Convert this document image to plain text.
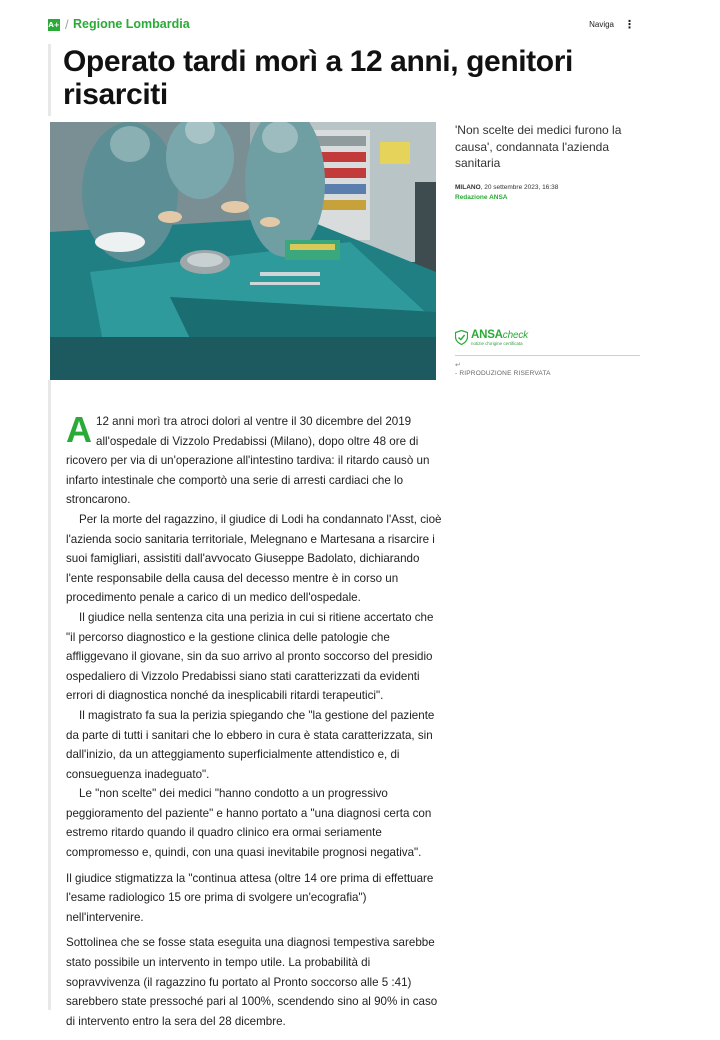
A+ / Regione Lombardia	Naviga ⋮
Operato tardi morì a 12 anni, genitori risarciti

'Non scelte dei medici furono la causa', condannata l'azienda sanitaria

MILANO, 20 settembre 2023, 16:38

Redazione ANSA

ANSAcheck
notizie d'origine certificata
↵
- RIPRODUZIONE RISERVATA

A 12 anni morì tra atroci dolori al ventre il 30 dicembre del 2019 all'ospedale di Vizzolo Predabissi (Milano), dopo oltre 48 ore di ricovero per via di un'operazione all'intestino tardiva: il ritardo causò un infarto intestinale che comportò una serie di arresti cardiaci che lo stroncarono.

Per la morte del ragazzino, il giudice di Lodi ha condannato l'Asst, cioè l'azienda socio sanitaria territoriale, Melegnano e Martesana a risarcire i suoi famigliari, assistiti dall'avvocato Giuseppe Badolato, dichiarando l'ente responsabile della causa del decesso mentre è in corso un procedimento penale a carico di un medico dell'ospedale.

Il giudice nella sentenza cita una perizia in cui si ritiene accertato che "il percorso diagnostico e la gestione clinica delle patologie che affliggevano il giovane, sin da suo arrivo al pronto soccorso del presidio ospedaliero di Vizzolo Predabissi siano stati caratterizzati da evidenti errori di diagnostica nonché da inesplicabili ritardi terapeutici".

Il magistrato fa sua la perizia spiegando che "la gestione del paziente da parte di tutti i sanitari che lo ebbero in cura è stata caratterizzata, sin dall'inizio, da un atteggiamento superficialmente attendistico e, di consueguenza inadeguato".

Le "non scelte" dei medici "hanno condotto a un progressivo peggioramento del paziente" e hanno portato a "una diagnosi certa con estremo ritardo quando il quadro clinico era ormai seriamente compromesso e, quindi, con una quasi inevitabile prognosi negativa".

Il giudice stigmatizza la "continua attesa (oltre 14 ore prima di effettuare l'esame radiologico 15 ore prima di svolgere un'ecografia") nell'intervenire.

Sottolinea che se fosse stata eseguita una diagnosi tempestiva sarebbe stato possibile un intervento in tempo utile. La probabilità di sopravvivenza (il ragazzino fu portato al Pronto soccorso alle 5 :41) sarebbero state pressoché pari al 100%, scendendo sino al 90% in caso di intervento entro la sera del 28 dicembre.
